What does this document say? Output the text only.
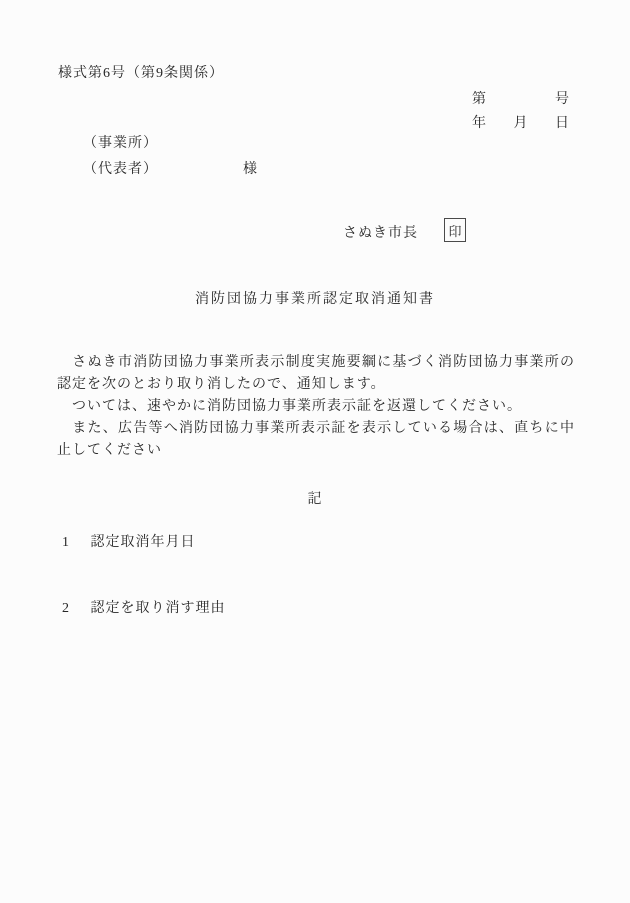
様式第6号（第9条関係）
第	号
年 月 日
（事業所）
（代表者）	様
さぬき市長	印
消防団協力事業所認定取消通知書

　さぬき市消防団協力事業所表示制度実施要綱に基づく消防団協力事業所の認定を次のとおり取り消したので、通知します。

　ついては、速やかに消防団協力事業所表示証を返還してください。

　また、広告等へ消防団協力事業所表示証を表示している場合は、直ちに中止してください

記
1 認定取消年月日
2 認定を取り消す理由
